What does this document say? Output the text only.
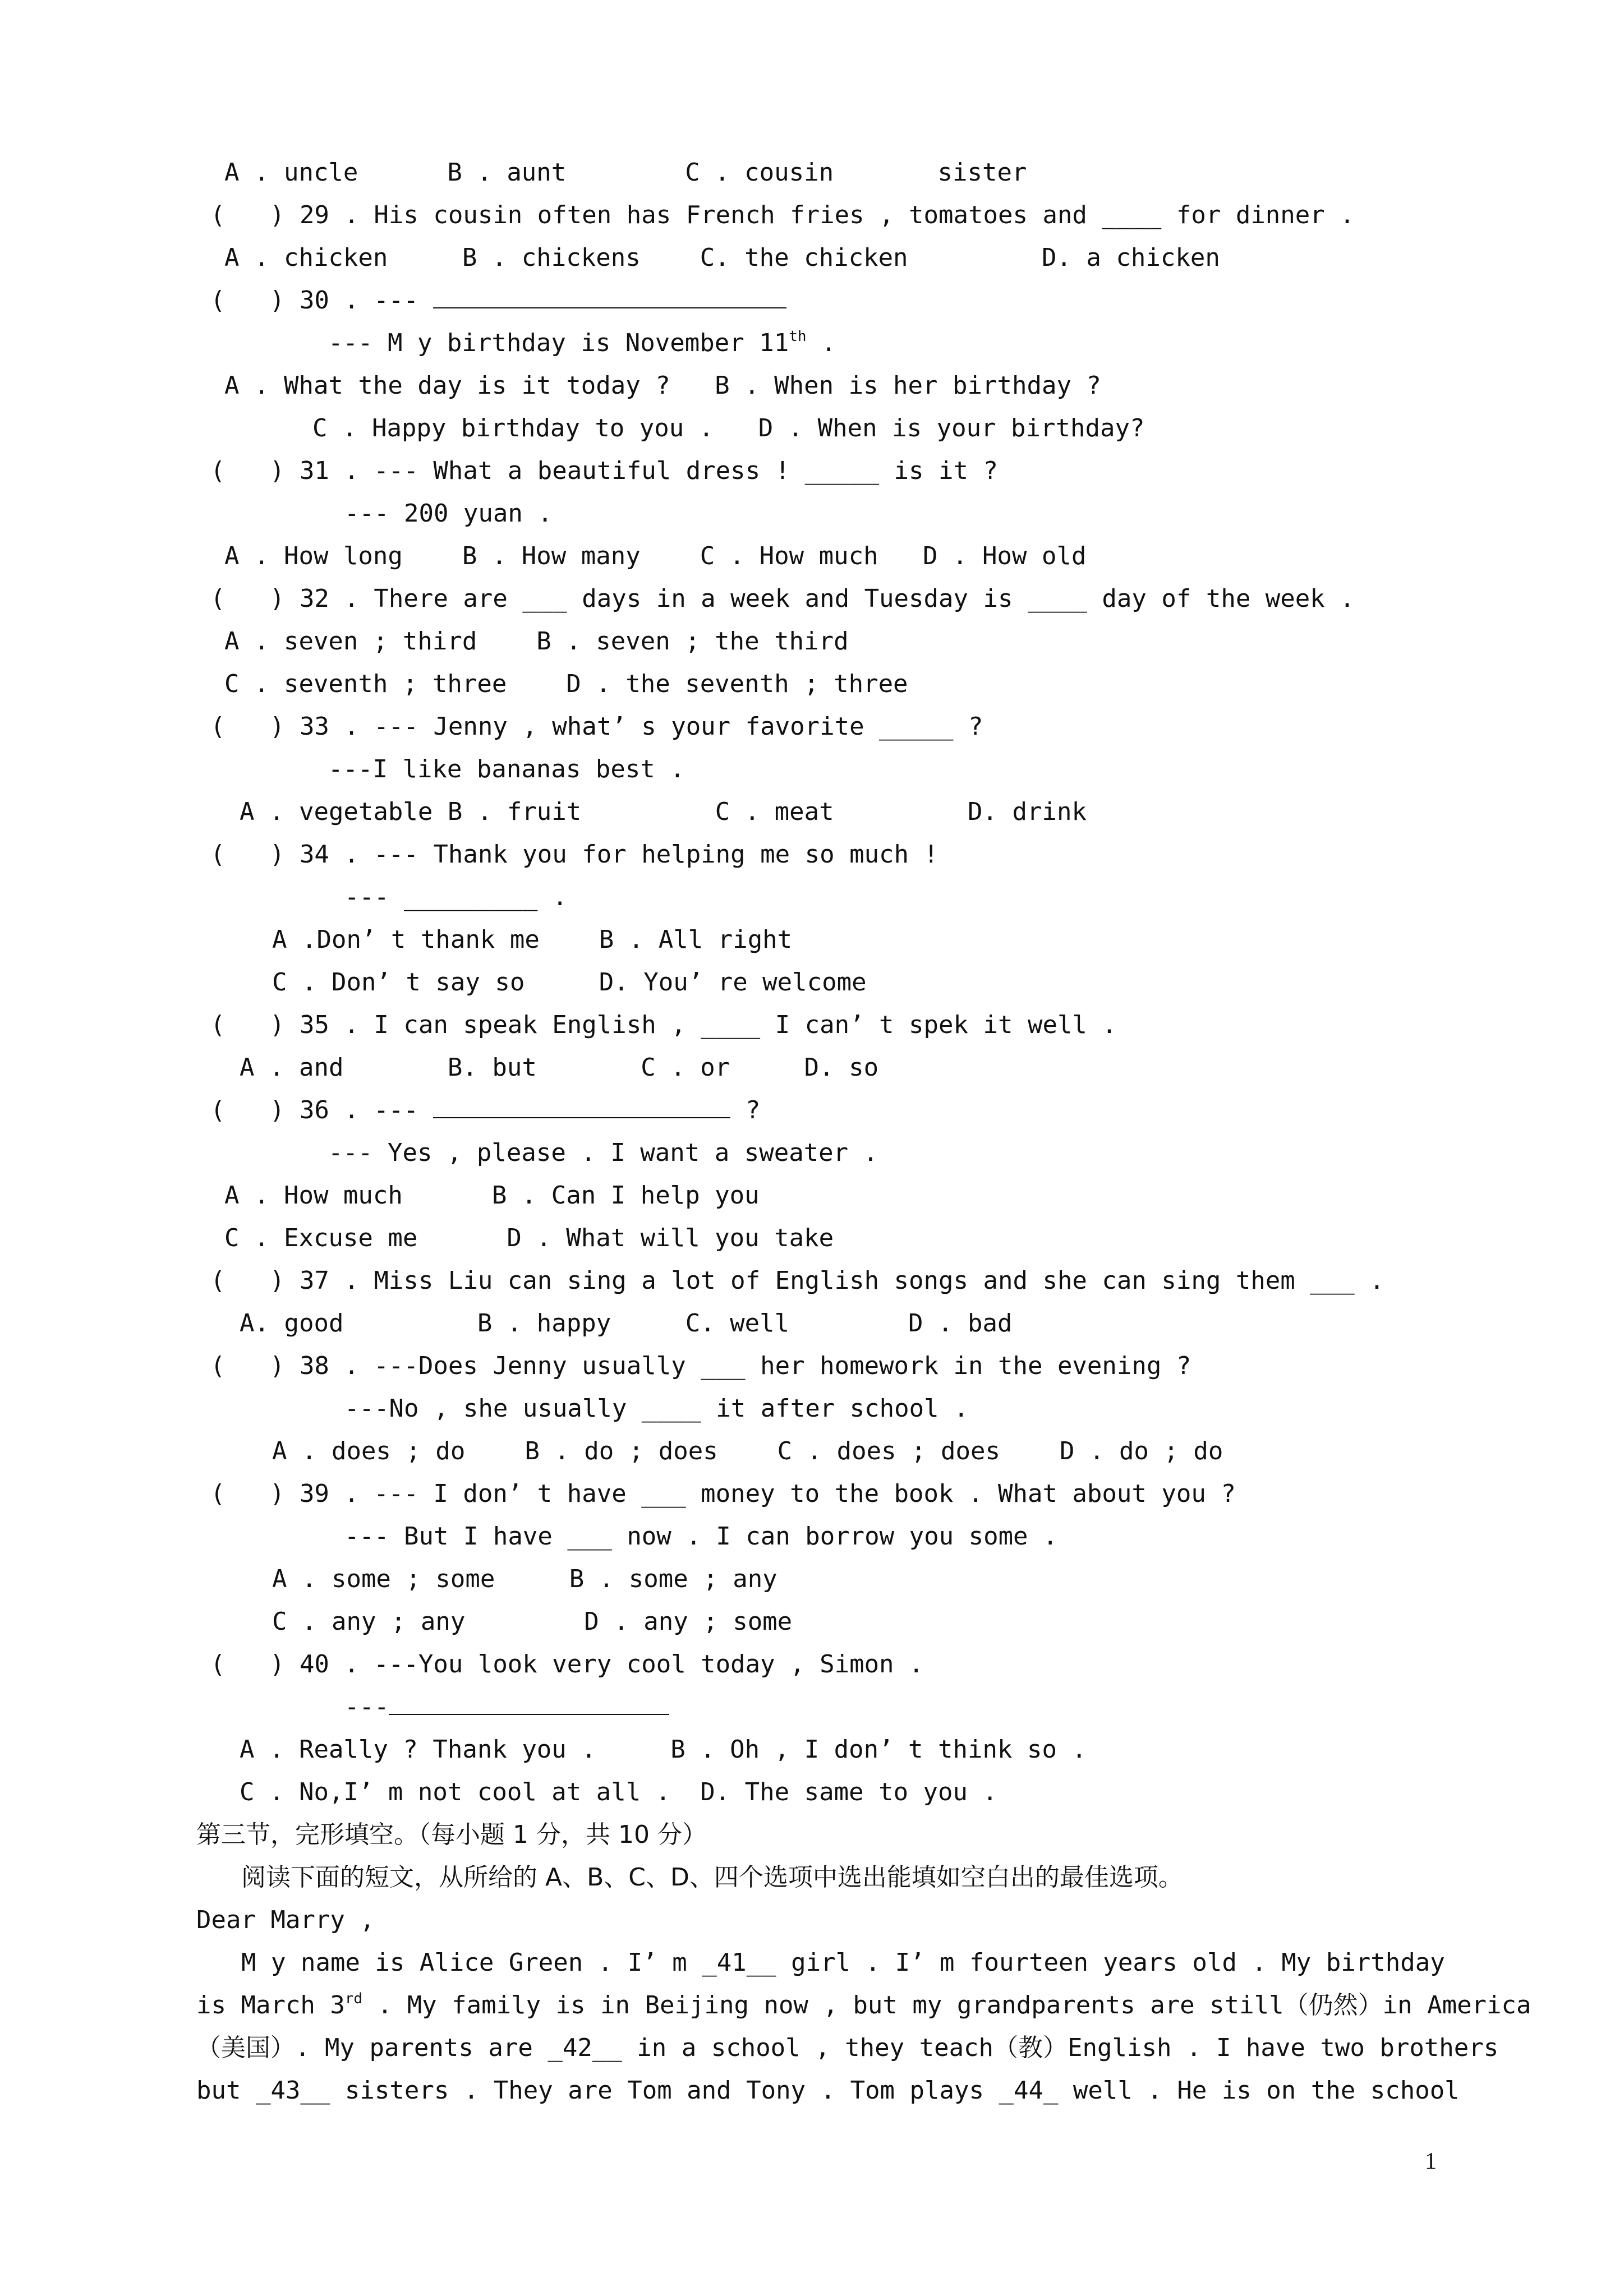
A . uncle      B . aunt        C . cousin       sister
(   ) 29 . His cousin often has French fries , tomatoes and ____ for dinner .
A . chicken     B . chickens    C. the chicken         D. a chicken
(   ) 30 . ---
--- M y birthday is November 11th .
A . What the day is it today ?   B . When is her birthday ?
C . Happy birthday to you .   D . When is your birthday?
(   ) 31 . --- What a beautiful dress ! _____ is it ?
--- 200 yuan .
A . How long    B . How many    C . How much   D . How old
(   ) 32 . There are ___ days in a week and Tuesday is ____ day of the week .
A . seven ; third    B . seven ; the third
C . seventh ; three    D . the seventh ; three
(   ) 33 . --- Jenny , what’ s your favorite _____ ?
---I like bananas best .
A . vegetable B . fruit         C . meat         D. drink
(   ) 34 . --- Thank you for helping me so much !
--- _________ .
A .Don’ t thank me    B . All right
C . Don’ t say so     D. You’ re welcome
(   ) 35 . I can speak English , ____ I can’ t spek it well .
A . and       B. but       C . or     D. so
(   ) 36 . ---	?
--- Yes , please . I want a sweater .
A . How much      B . Can I help you
C . Excuse me      D . What will you take
(   ) 37 . Miss Liu can sing a lot of English songs and she can sing them ___ .
A. good         B . happy     C. well        D . bad
(   ) 38 . ---Does Jenny usually ___ her homework in the evening ?
---No , she usually ____ it after school .
A . does ; do    B . do ; does    C . does ; does    D . do ; do
(   ) 39 . --- I don’ t have ___ money to the book . What about you ?
--- But I have ___ now . I can borrow you some .
A . some ; some     B . some ; any
C . any ; any        D . any ; some
(   ) 40 . ---You look very cool today , Simon .
---
A . Really ? Thank you .     B . Oh , I don’ t think so .
C . No,I’ m not cool at all .  D. The same to you .
第三节，完形填空。（每小题 1 分，共 10 分）
阅读下面的短文，从所给的 A、B、C、D、四个选项中选出能填如空白出的最佳选项。
Dear Marry ,
M y name is Alice Green . I’ m _41__ girl . I’ m fourteen years old . My birthday
is March 3rd . My family is in Beijing now , but my grandparents are still（仍然）in America
（美国）. My parents are _42__ in a school , they teach（教）English . I have two brothers
but _43__ sisters . They are Tom and Tony . Tom plays _44_ well . He is on the school
1
